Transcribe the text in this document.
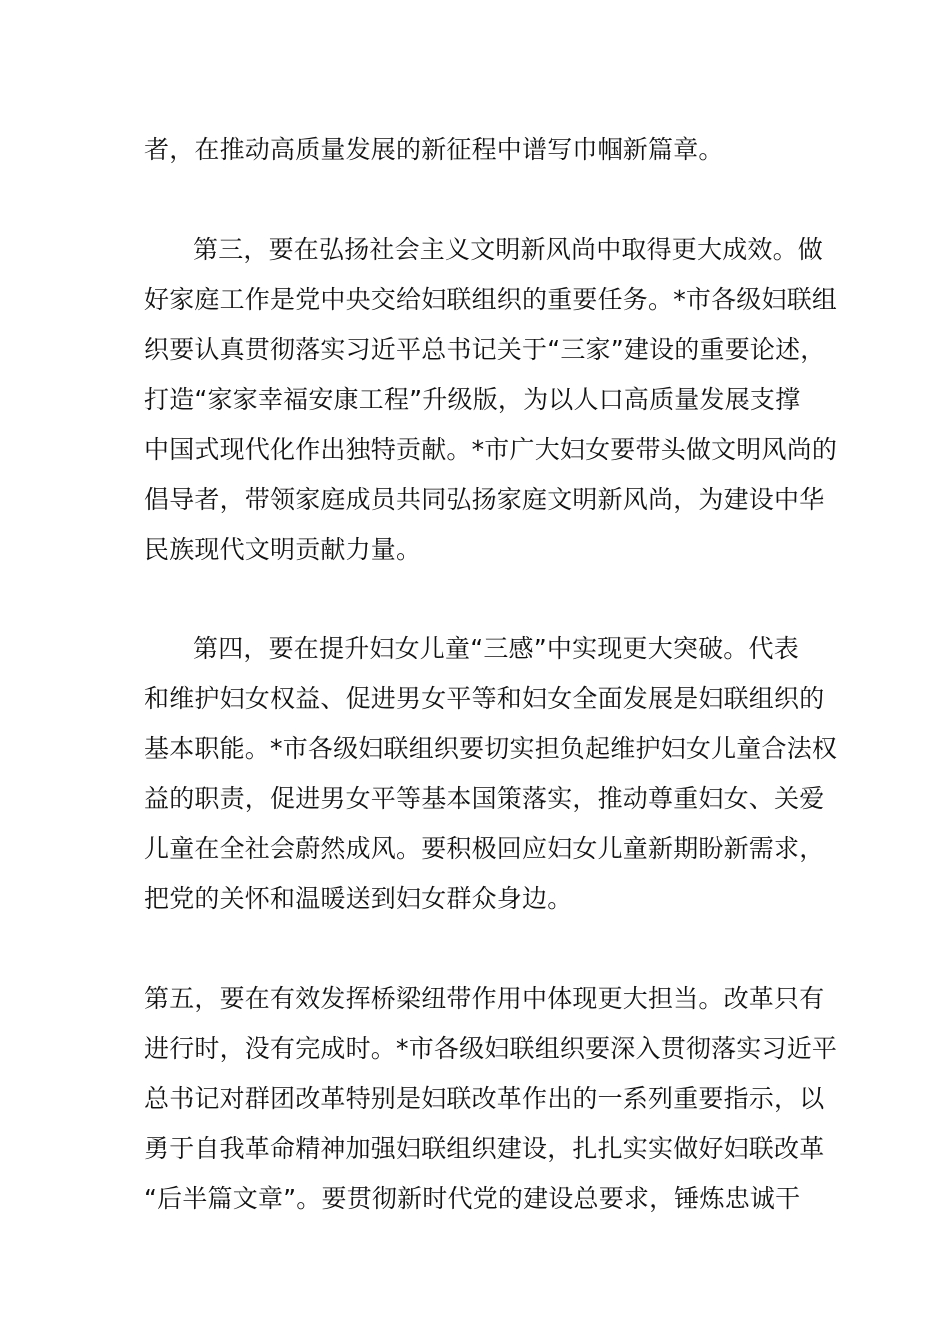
者，在推动高质量发展的新征程中谱写巾帼新篇章。
第三，要在弘扬社会主义文明新风尚中取得更大成效。做
好家庭工作是党中央交给妇联组织的重要任务。*市各级妇联组
织要认真贯彻落实习近平总书记关于“三家”建设的重要论述，
打造“家家幸福安康工程”升级版，为以人口高质量发展支撑
中国式现代化作出独特贡献。*市广大妇女要带头做文明风尚的
倡导者，带领家庭成员共同弘扬家庭文明新风尚，为建设中华
民族现代文明贡献力量。
第四，要在提升妇女儿童“三感”中实现更大突破。代表
和维护妇女权益、促进男女平等和妇女全面发展是妇联组织的
基本职能。*市各级妇联组织要切实担负起维护妇女儿童合法权
益的职责，促进男女平等基本国策落实，推动尊重妇女、关爱
儿童在全社会蔚然成风。要积极回应妇女儿童新期盼新需求，
把党的关怀和温暖送到妇女群众身边。
第五，要在有效发挥桥梁纽带作用中体现更大担当。改革只有
进行时，没有完成时。*市各级妇联组织要深入贯彻落实习近平
总书记对群团改革特别是妇联改革作出的一系列重要指示，以
勇于自我革命精神加强妇联组织建设，扎扎实实做好妇联改革
“后半篇文章”。要贯彻新时代党的建设总要求，锤炼忠诚干
